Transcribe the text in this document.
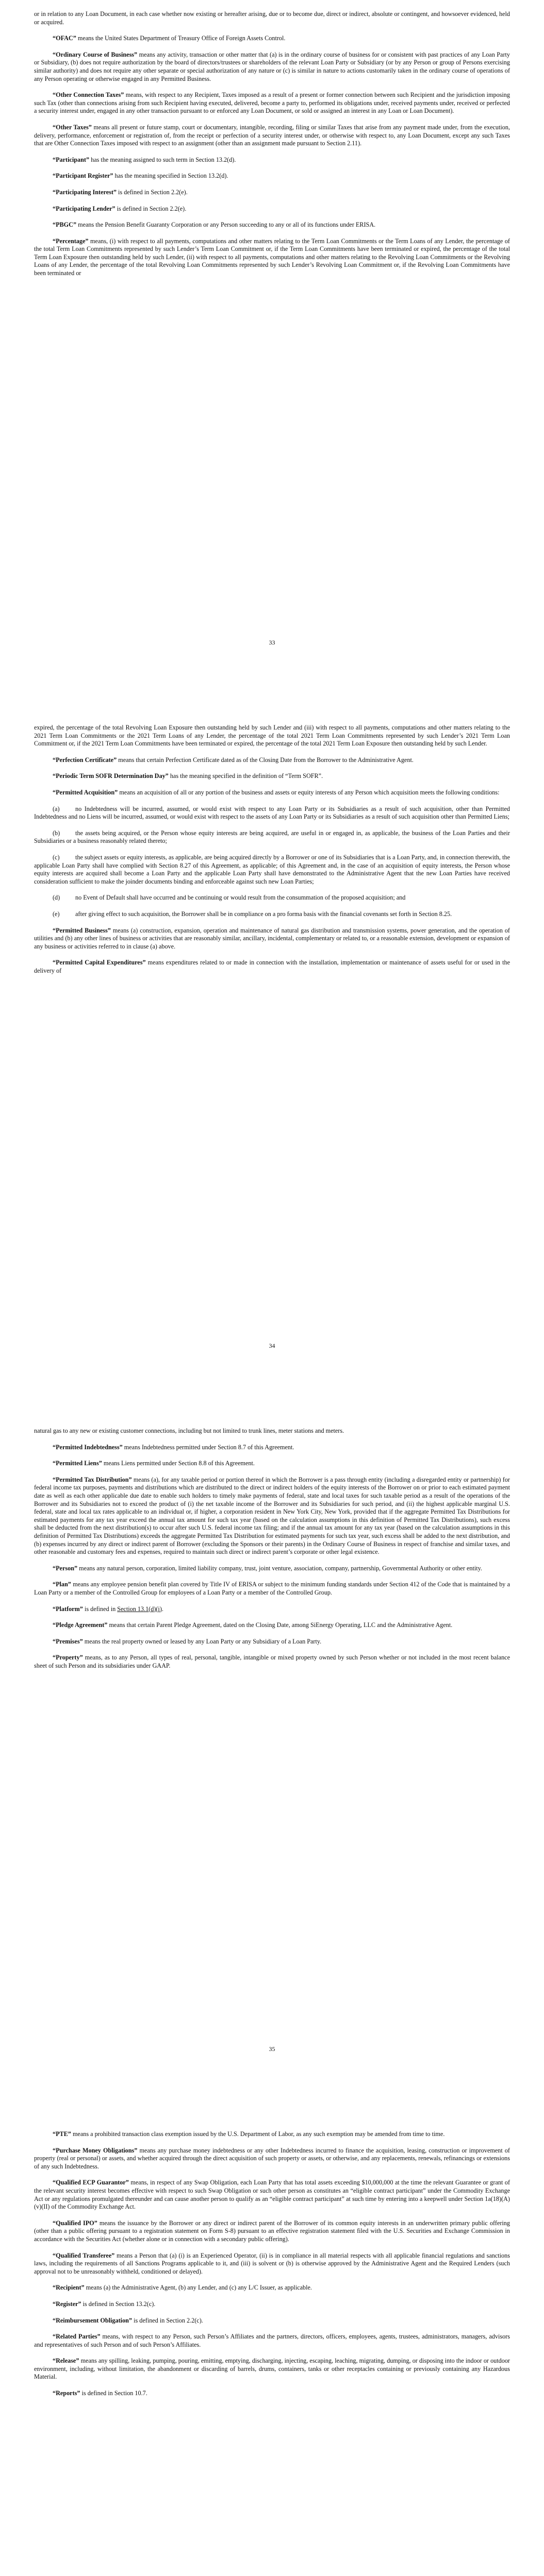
or in relation to any Loan Document, in each case whether now existing or hereafter arising, due or to become due, direct or indirect, absolute or contingent, and howsoever evidenced, held or acquired.

“OFAC” means the United States Department of Treasury Office of Foreign Assets Control.

“Ordinary Course of Business” means any activity, transaction or other matter that (a) is in the ordinary course of business for or consistent with past practices of any Loan Party or Subsidiary, (b) does not require authorization by the board of directors/trustees or shareholders of the relevant Loan Party or Subsidiary (or by any Person or group of Persons exercising similar authority) and does not require any other separate or special authorization of any nature or (c) is similar in nature to actions customarily taken in the ordinary course of operations of any Person operating or otherwise engaged in any Permitted Business.

“Other Connection Taxes” means, with respect to any Recipient, Taxes imposed as a result of a present or former connection between such Recipient and the jurisdiction imposing such Tax (other than connections arising from such Recipient having executed, delivered, become a party to, performed its obligations under, received payments under, received or perfected a security interest under, engaged in any other transaction pursuant to or enforced any Loan Document, or sold or assigned an interest in any Loan or Loan Document).

“Other Taxes” means all present or future stamp, court or documentary, intangible, recording, filing or similar Taxes that arise from any payment made under, from the execution, delivery, performance, enforcement or registration of, from the receipt or perfection of a security interest under, or otherwise with respect to, any Loan Document, except any such Taxes that are Other Connection Taxes imposed with respect to an assignment (other than an assignment made pursuant to Section 2.11).

“Participant” has the meaning assigned to such term in Section 13.2(d).

“Participant Register” has the meaning specified in Section 13.2(d).

“Participating Interest” is defined in Section 2.2(e).

“Participating Lender” is defined in Section 2.2(e).

“PBGC” means the Pension Benefit Guaranty Corporation or any Person succeeding to any or all of its functions under ERISA.

“Percentage” means, (i) with respect to all payments, computations and other matters relating to the Term Loan Commitments or the Term Loans of any Lender, the percentage of the total Term Loan Commitments represented by such Lender’s Term Loan Commitment or, if the Term Loan Commitments have been terminated or expired, the percentage of the total Term Loan Exposure then outstanding held by such Lender, (ii) with respect to all payments, computations and other matters relating to the Revolving Loan Commitments or the Revolving Loans of any Lender, the percentage of the total Revolving Loan Commitments represented by such Lender’s Revolving Loan Commitment or, if the Revolving Loan Commitments have been terminated or

33

expired, the percentage of the total Revolving Loan Exposure then outstanding held by such Lender and (iii) with respect to all payments, computations and other matters relating to the 2021 Term Loan Commitments or the 2021 Term Loans of any Lender, the percentage of the total 2021 Term Loan Commitments represented by such Lender’s 2021 Term Loan Commitment or, if the 2021 Term Loan Commitments have been terminated or expired, the percentage of the total 2021 Term Loan Exposure then outstanding held by such Lender.

“Perfection Certificate” means that certain Perfection Certificate dated as of the Closing Date from the Borrower to the Administrative Agent.

“Periodic Term SOFR Determination Day” has the meaning specified in the definition of “Term SOFR”.

“Permitted Acquisition” means an acquisition of all or any portion of the business and assets or equity interests of any Person which acquisition meets the following conditions:

(a) no Indebtedness will be incurred, assumed, or would exist with respect to any Loan Party or its Subsidiaries as a result of such acquisition, other than Permitted Indebtedness and no Liens will be incurred, assumed, or would exist with respect to the assets of any Loan Party or its Subsidiaries as a result of such acquisition other than Permitted Liens;

(b) the assets being acquired, or the Person whose equity interests are being acquired, are useful in or engaged in, as applicable, the business of the Loan Parties and their Subsidiaries or a business reasonably related thereto;

(c) the subject assets or equity interests, as applicable, are being acquired directly by a Borrower or one of its Subsidiaries that is a Loan Party, and, in connection therewith, the applicable Loan Party shall have complied with Section 8.27 of this Agreement, as applicable; of this Agreement and, in the case of an acquisition of equity interests, the Person whose equity interests are acquired shall become a Loan Party and the applicable Loan Party shall have demonstrated to the Administrative Agent that the new Loan Parties have received consideration sufficient to make the joinder documents binding and enforceable against such new Loan Parties;

(d) no Event of Default shall have occurred and be continuing or would result from the consummation of the proposed acquisition; and

(e) after giving effect to such acquisition, the Borrower shall be in compliance on a pro forma basis with the financial covenants set forth in Section 8.25.

“Permitted Business” means (a) construction, expansion, operation and maintenance of natural gas distribution and transmission systems, power generation, and the operation of utilities and (b) any other lines of business or activities that are reasonably similar, ancillary, incidental, complementary or related to, or a reasonable extension, development or expansion of any business or activities referred to in clause (a) above.

“Permitted Capital Expenditures” means expenditures related to or made in connection with the installation, implementation or maintenance of assets useful for or used in the delivery of

34

natural gas to any new or existing customer connections, including but not limited to trunk lines, meter stations and meters.

“Permitted Indebtedness” means Indebtedness permitted under Section 8.7 of this Agreement.

“Permitted Liens” means Liens permitted under Section 8.8 of this Agreement.

“Permitted Tax Distribution” means (a), for any taxable period or portion thereof in which the Borrower is a pass through entity (including a disregarded entity or partnership) for federal income tax purposes, payments and distributions which are distributed to the direct or indirect holders of the equity interests of the Borrower on or prior to each estimated payment date as well as each other applicable due date to enable such holders to timely make payments of federal, state and local taxes for such taxable period as a result of the operations of the Borrower and its Subsidiaries not to exceed the product of (i) the net taxable income of the Borrower and its Subsidiaries for such period, and (ii) the highest applicable marginal U.S. federal, state and local tax rates applicable to an individual or, if higher, a corporation resident in New York City, New York, provided that if the aggregate Permitted Tax Distributions for estimated payments for any tax year exceed the annual tax amount for such tax year (based on the calculation assumptions in this definition of Permitted Tax Distributions), such excess shall be deducted from the next distribution(s) to occur after such U.S. federal income tax filing; and if the annual tax amount for any tax year (based on the calculation assumptions in this definition of Permitted Tax Distributions) exceeds the aggregate Permitted Tax Distribution for estimated payments for such tax year, such excess shall be added to the next distribution, and (b) expenses incurred by any direct or indirect parent of Borrower (excluding the Sponsors or their parents) in the Ordinary Course of Business in respect of franchise and similar taxes, and other reasonable and customary fees and expenses, required to maintain such direct or indirect parent’s corporate or other legal existence.

“Person” means any natural person, corporation, limited liability company, trust, joint venture, association, company, partnership, Governmental Authority or other entity.

“Plan” means any employee pension benefit plan covered by Title IV of ERISA or subject to the minimum funding standards under Section 412 of the Code that is maintained by a Loan Party or a member of the Controlled Group for employees of a Loan Party or a member of the Controlled Group.

“Platform” is defined in Section 13.1(d)(i).

“Pledge Agreement” means that certain Parent Pledge Agreement, dated on the Closing Date, among SiEnergy Operating, LLC and the Administrative Agent.

“Premises” means the real property owned or leased by any Loan Party or any Subsidiary of a Loan Party.

“Property” means, as to any Person, all types of real, personal, tangible, intangible or mixed property owned by such Person whether or not included in the most recent balance sheet of such Person and its subsidiaries under GAAP.

35

“PTE” means a prohibited transaction class exemption issued by the U.S. Department of Labor, as any such exemption may be amended from time to time.

“Purchase Money Obligations” means any purchase money indebtedness or any other Indebtedness incurred to finance the acquisition, leasing, construction or improvement of property (real or personal) or assets, and whether acquired through the direct acquisition of such property or assets, or otherwise, and any replacements, renewals, refinancings or extensions of any such Indebtedness.

“Qualified ECP Guarantor” means, in respect of any Swap Obligation, each Loan Party that has total assets exceeding $10,000,000 at the time the relevant Guarantee or grant of the relevant security interest becomes effective with respect to such Swap Obligation or such other person as constitutes an “eligible contract participant” under the Commodity Exchange Act or any regulations promulgated thereunder and can cause another person to qualify as an “eligible contract participant” at such time by entering into a keepwell under Section 1a(18)(A)(v)(II) of the Commodity Exchange Act.

“Qualified IPO” means the issuance by the Borrower or any direct or indirect parent of the Borrower of its common equity interests in an underwritten primary public offering (other than a public offering pursuant to a registration statement on Form S-8) pursuant to an effective registration statement filed with the U.S. Securities and Exchange Commission in accordance with the Securities Act (whether alone or in connection with a secondary public offering).

“Qualified Transferee” means a Person that (a) (i) is an Experienced Operator, (ii) is in compliance in all material respects with all applicable financial regulations and sanctions laws, including the requirements of all Sanctions Programs applicable to it, and (iii) is solvent or (b) is otherwise approved by the Administrative Agent and the Required Lenders (such approval not to be unreasonably withheld, conditioned or delayed).

“Recipient” means (a) the Administrative Agent, (b) any Lender, and (c) any L/C Issuer, as applicable.

“Register” is defined in Section 13.2(c).

“Reimbursement Obligation” is defined in Section 2.2(c).

“Related Parties” means, with respect to any Person, such Person’s Affiliates and the partners, directors, officers, employees, agents, trustees, administrators, managers, advisors and representatives of such Person and of such Person’s Affiliates.

“Release” means any spilling, leaking, pumping, pouring, emitting, emptying, discharging, injecting, escaping, leaching, migrating, dumping, or disposing into the indoor or outdoor environment, including, without limitation, the abandonment or discarding of barrels, drums, containers, tanks or other receptacles containing or previously containing any Hazardous Material.

“Reports” is defined in Section 10.7.
